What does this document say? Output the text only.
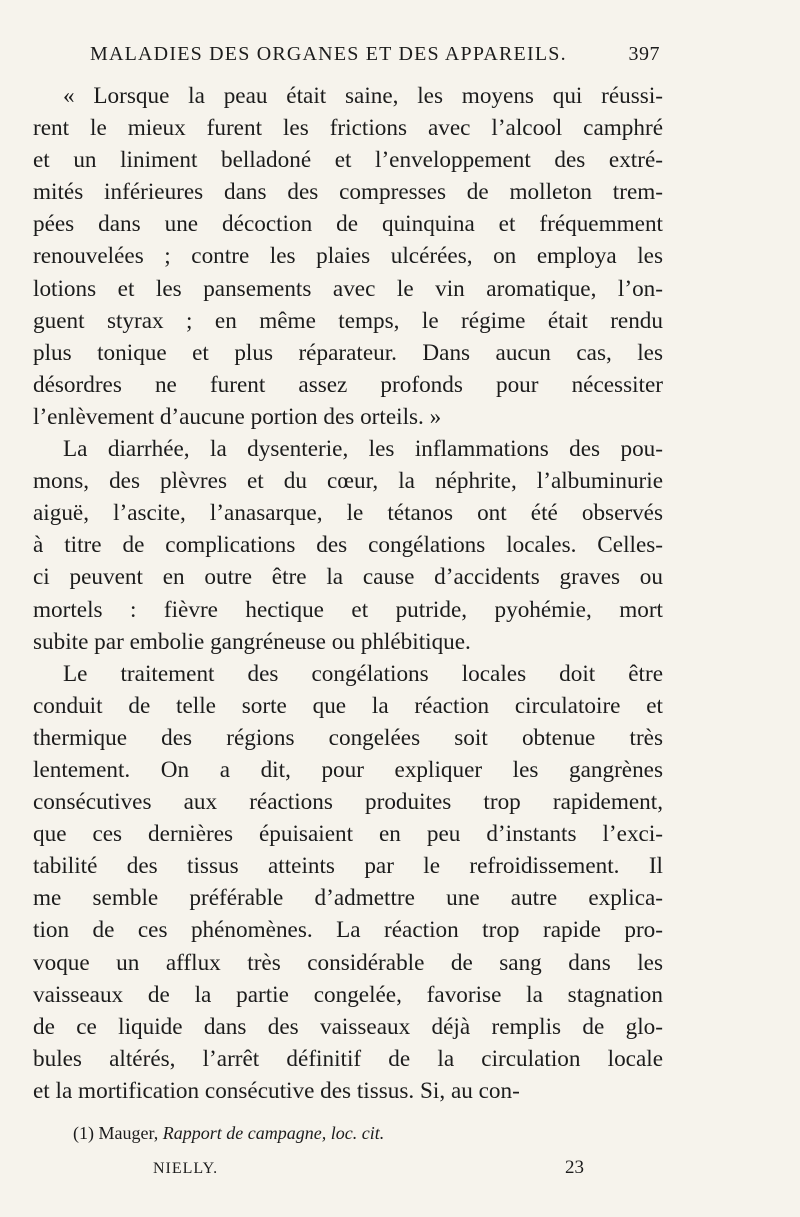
MALADIES DES ORGANES ET DES APPAREILS.	397
« Lorsque la peau était saine, les moyens qui réussi-
rent le mieux furent les frictions avec l’alcool camphré
et un liniment belladoné et l’enveloppement des extré-
mités inférieures dans des compresses de molleton trem-
pées dans une décoction de quinquina et fréquemment
renouvelées ; contre les plaies ulcérées, on employa les
lotions et les pansements avec le vin aromatique, l’on-
guent styrax ; en même temps, le régime était rendu
plus tonique et plus réparateur. Dans aucun cas, les
désordres ne furent assez profonds pour nécessiter
l’enlèvement d’aucune portion des orteils. »
La diarrhée, la dysenterie, les inflammations des pou-
mons, des plèvres et du cœur, la néphrite, l’albuminurie
aiguë, l’ascite, l’anasarque, le tétanos ont été observés
à titre de complications des congélations locales. Celles-
ci peuvent en outre être la cause d’accidents graves ou
mortels : fièvre hectique et putride, pyohémie, mort
subite par embolie gangréneuse ou phlébitique.
Le traitement des congélations locales doit être
conduit de telle sorte que la réaction circulatoire et
thermique des régions congelées soit obtenue très
lentement. On a dit, pour expliquer les gangrènes
consécutives aux réactions produites trop rapidement,
que ces dernières épuisaient en peu d’instants l’exci-
tabilité des tissus atteints par le refroidissement. Il
me semble préférable d’admettre une autre explica-
tion de ces phénomènes. La réaction trop rapide pro-
voque un afflux très considérable de sang dans les
vaisseaux de la partie congelée, favorise la stagnation
de ce liquide dans des vaisseaux déjà remplis de glo-
bules altérés, l’arrêt définitif de la circulation locale
et la mortification consécutive des tissus. Si, au con-
(1) Mauger, Rapport de campagne, loc. cit.
NIELLY.	23
